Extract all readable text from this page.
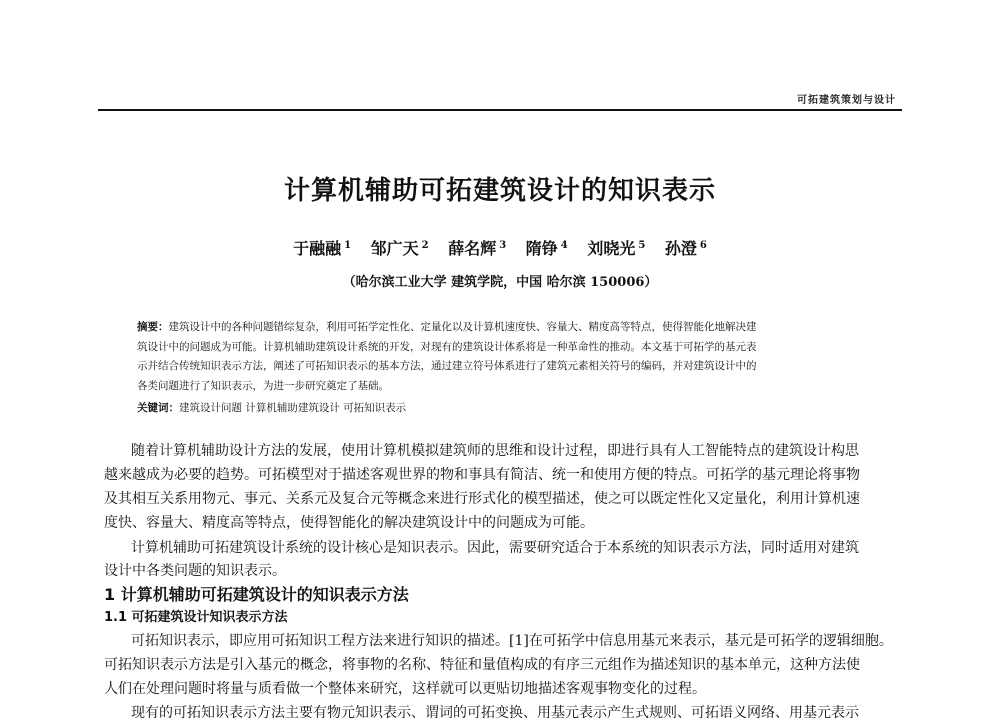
可拓建筑策划与设计
计算机辅助可拓建筑设计的知识表示
于融融 $^1$ 邹广天 $^2$ 薛名辉 $^3$ 隋铮 $^4$ 刘晓光 $^5$ 孙澄 $^6$
（哈尔滨工业大学 建筑学院，中国 哈尔滨 150006）
摘要：建筑设计中的各种问题错综复杂，利用可拓学定性化、定量化以及计算机速度快、容量大、精度高等特点，使得智能化地解决建
筑设计中的问题成为可能。计算机辅助建筑设计系统的开发，对现有的建筑设计体系将是一种革命性的推动。本文基于可拓学的基元表
示并结合传统知识表示方法，阐述了可拓知识表示的基本方法，通过建立符号体系进行了建筑元素相关符号的编码，并对建筑设计中的
各类问题进行了知识表示，为进一步研究奠定了基础。
关键词：建筑设计问题 计算机辅助建筑设计 可拓知识表示
随着计算机辅助设计方法的发展，使用计算机模拟建筑师的思维和设计过程，即进行具有人工智能特点的建筑设计构思
越来越成为必要的趋势。可拓模型对于描述客观世界的物和事具有简洁、统一和使用方便的特点。可拓学的基元理论将事物
及其相互关系用物元、事元、关系元及复合元等概念来进行形式化的模型描述，使之可以既定性化又定量化，利用计算机速
度快、容量大、精度高等特点，使得智能化的解决建筑设计中的问题成为可能。
计算机辅助可拓建筑设计系统的设计核心是知识表示。因此，需要研究适合于本系统的知识表示方法，同时适用对建筑
设计中各类问题的知识表示。
1 计算机辅助可拓建筑设计的知识表示方法
1.1 可拓建筑设计知识表示方法
可拓知识表示，即应用可拓知识工程方法来进行知识的描述。[1]在可拓学中信息用基元来表示，基元是可拓学的逻辑细胞。
可拓知识表示方法是引入基元的概念，将事物的名称、特征和量值构成的有序三元组作为描述知识的基本单元，这种方法使
人们在处理问题时将量与质看做一个整体来研究，这样就可以更贴切地描述客观事物变化的过程。
现有的可拓知识表示方法主要有物元知识表示、谓词的可拓变换、用基元表示产生式规则、可拓语义网络、用基元表示
